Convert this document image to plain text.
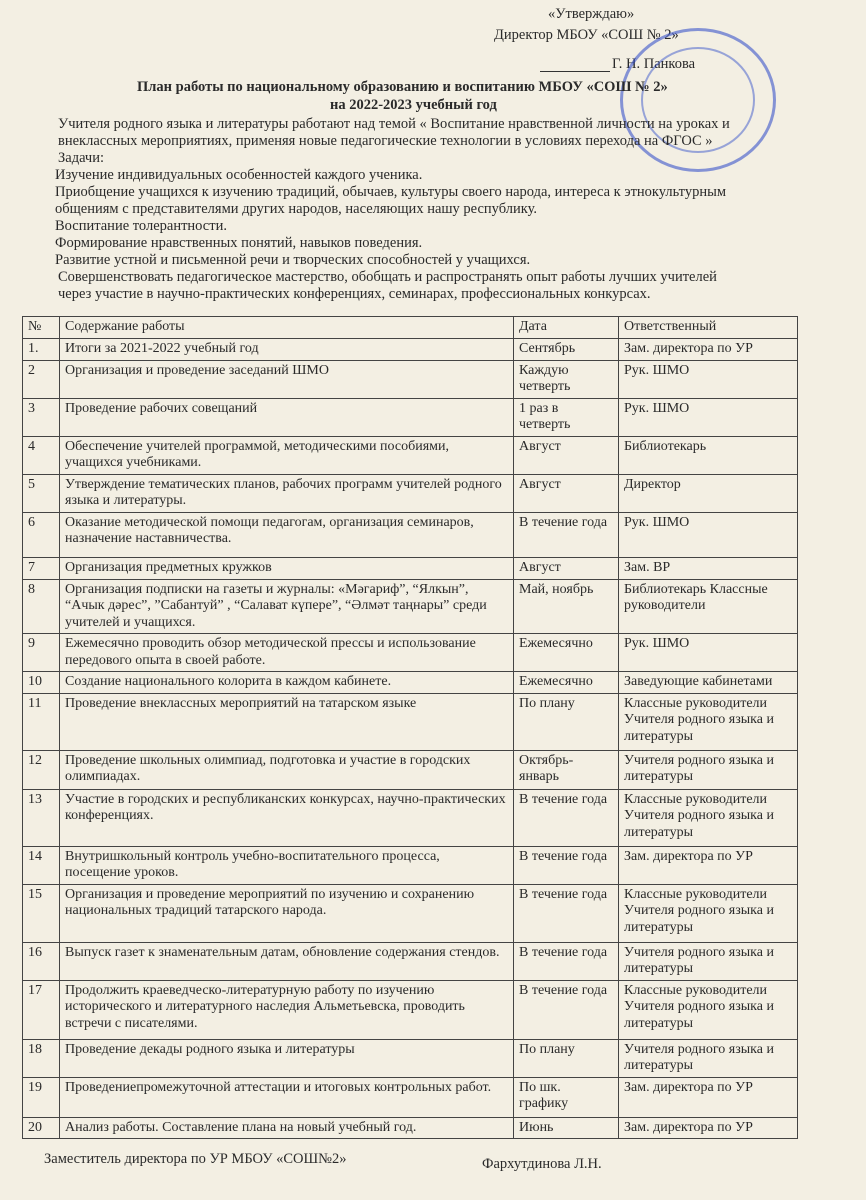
«Утверждаю»
Директор МБОУ «СОШ № 2»
Г. Н. Панкова
План работы по национальному образованию и воспитанию МБОУ «СОШ № 2»
на 2022-2023 учебный год
Учителя родного языка и литературы работают над темой « Воспитание нравственной личности на уроках и
внеклассных мероприятиях, применяя новые педагогические технологии в условиях перехода на ФГОС »
Задачи:
Изучение индивидуальных особенностей каждого ученика.
Приобщение учащихся к изучению традиций, обычаев, культуры своего народа, интереса к этнокультурным
общениям с представителями других народов, населяющих нашу республику.
Воспитание толерантности.
Формирование нравственных понятий, навыков поведения.
Развитие устной и письменной речи и творческих способностей у учащихся.
Совершенствовать педагогическое мастерство, обобщать и распространять опыт работы лучших учителей
через участие в научно-практических конференциях, семинарах, профессиональных конкурсах.
№	Содержание работы	Дата	Ответственный
1.	Итоги за 2021-2022 учебный год	Сентябрь	Зам. директора по УР
2	Организация и проведение заседаний ШМО	Каждую четверть	Рук. ШМО
3	Проведение рабочих совещаний	1 раз в четверть	Рук. ШМО
4	Обеспечение учителей программой, методическими пособиями, учащихся учебниками.	Август	Библиотекарь
5	Утверждение тематических планов, рабочих программ учителей родного языка и литературы.	Август	Директор
6	Оказание методической помощи педагогам, организация семинаров, назначение наставничества.	В течение года	Рук. ШМО
7	Организация предметных кружков	Август	Зам. ВР
8	Организация подписки на газеты и журналы: «Мәгариф”, “Ялкын”, “Ачык дәрес”, ”Сабантуй” , “Салават күпере”, “Әлмәт таңнары” среди учителей и учащихся.	Май, ноябрь	Библиотекарь Классные руководители
9	Ежемесячно проводить обзор методической прессы и использование передового опыта в своей работе.	Ежемесячно	Рук. ШМО
10	Создание национального колорита в каждом кабинете.	Ежемесячно	Заведующие кабинетами
11	Проведение внеклассных мероприятий на татарском языке	По плану	Классные руководители Учителя родного языка и литературы
12	Проведение школьных олимпиад, подготовка и участие в городских олимпиадах.	Октябрь-январь	Учителя родного языка и литературы
13	Участие в городских и республиканских конкурсах, научно-практических конференциях.	В течение года	Классные руководители Учителя родного языка и литературы
14	Внутришкольный контроль учебно-воспитательного процесса, посещение уроков.	В течение года	Зам. директора по УР
15	Организация и проведение мероприятий по изучению и сохранению национальных традиций татарского народа.	В течение года	Классные руководители Учителя родного языка и литературы
16	Выпуск газет к знаменательным датам, обновление содержания стендов.	В течение года	Учителя родного языка и литературы
17	Продолжить краеведческо-литературную работу по изучению исторического и литературного наследия Альметьевска, проводить встречи с писателями.	В течение года	Классные руководители Учителя родного языка и литературы
18	Проведение декады родного языка и литературы	По плану	Учителя родного языка и литературы
19	Проведениепромежуточной аттестации и итоговых контрольных работ.	По шк. графику	Зам. директора по УР
20	Анализ работы. Составление плана на новый учебный год.	Июнь	Зам. директора по УР
Заместитель директора по УР МБОУ «СОШ№2»	Фархутдинова Л.Н.
